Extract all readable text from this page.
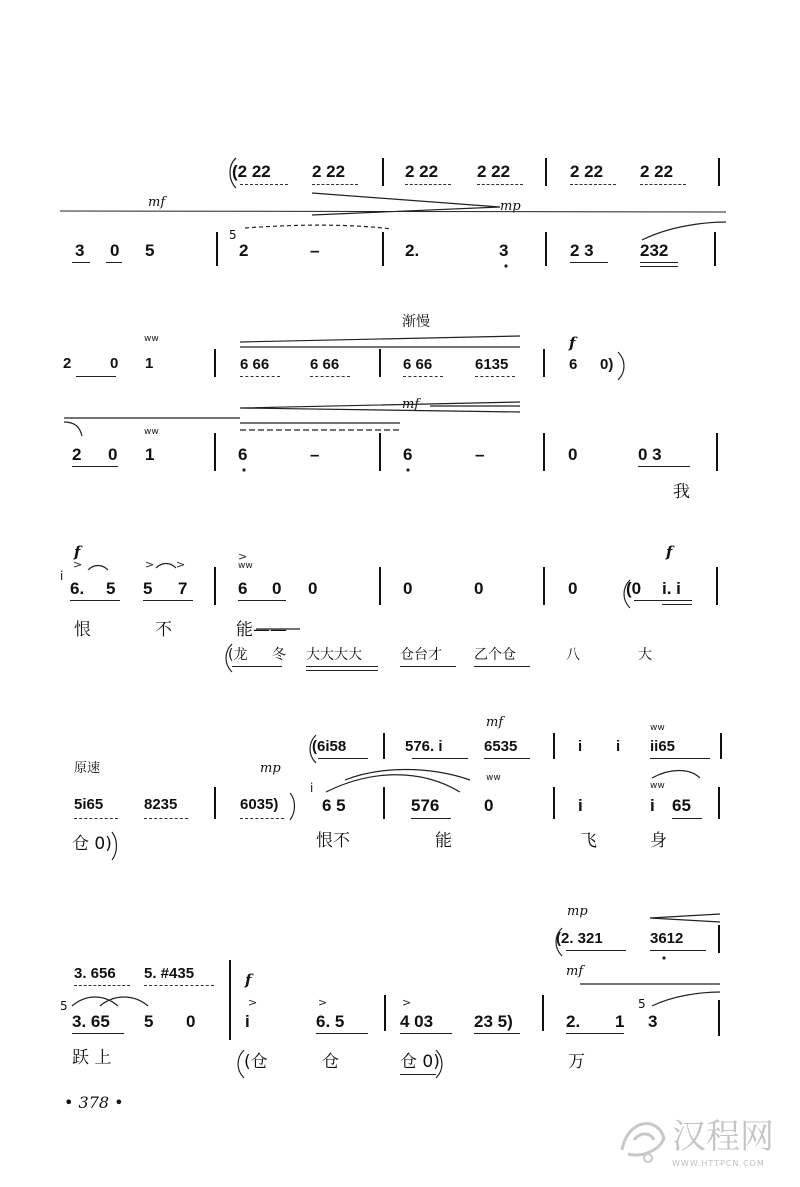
(2 22 2 22	2 22 2 22	2 22 2 22
mf	mp
3 0 5
5
2	–	2.	3	2 3	232
渐慢
2	0 1	6 66	6 66	6 66	6135
f
6 0)
mf
2 0 1	6	–	6	–	0	0 3
我
f	f
i
6. 5 5 7	6 0 0	0	0	0	(0 i. i
恨	不	能——
(龙 冬 大大大大	仓台才 乙个仓	八	大
mf
(6i58	576. i	6535	i i ii65
原速	mp
5i65	8235	6035)
i
6 5	576	0	i	i 65
仓 0)	恨不	能	飞	身
mp
(2. 321	3612
3. 656 5. #435	mf
f
5
3. 65 5 0	i	6. 5	4 03 23 5)	2. 1
5
3
跃 上	(仓	仓	仓 0)	万
• 378 •
汉程网
WWW.HTTPCN.COM
>	> >
>
>	>	>
ww
ww
ww
ww
ww
ww
